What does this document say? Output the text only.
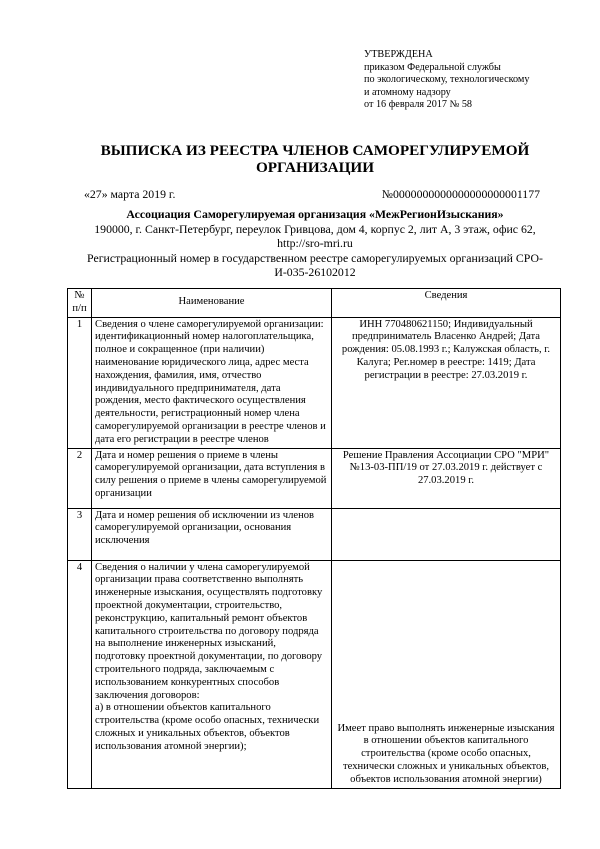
УТВЕРЖДЕНА
приказом Федеральной службы
по экологическому, технологическому
и атомному надзору
от 16 февраля 2017 № 58
ВЫПИСКА ИЗ РЕЕСТРА ЧЛЕНОВ САМОРЕГУЛИРУЕМОЙ ОРГАНИЗАЦИИ
«27» марта 2019 г.	№0000000000000000000001177
Ассоциация Саморегулируемая организация «МежРегионИзыскания»
190000, г. Санкт-Петербург, переулок Гривцова, дом 4, корпус 2, лит А, 3 этаж, офис 62, http://sro-mri.ru
Регистрационный номер в государственном реестре саморегулируемых организаций СРО-И-035-26102012
№ п/п	Наименование	Сведения
1	Сведения о члене саморегулируемой организации: идентификационный номер налогоплательщика, полное и сокращенное (при наличии) наименование юридического лица, адрес места нахождения, фамилия, имя, отчество индивидуального предпринимателя, дата рождения, место фактического осуществления деятельности, регистрационный номер члена саморегулируемой организации в реестре членов и дата его регистрации в реестре членов	ИНН 770480621150; Индивидуальный предприниматель Власенко Андрей; Дата рождения: 05.08.1993 г.; Калужская область, г. Калуга; Рег.номер в реестре: 1419; Дата регистрации в реестре: 27.03.2019 г.
2	Дата и номер решения о приеме в члены саморегулируемой организации, дата вступления в силу решения о приеме в члены саморегулируемой организации	Решение Правления Ассоциации СРО "МРИ" №13-03-ПП/19 от 27.03.2019 г. действует с 27.03.2019 г.
3	Дата и номер решения об исключении из членов саморегулируемой организации, основания исключения	
4	Сведения о наличии у члена саморегулируемой организации права соответственно выполнять инженерные изыскания, осуществлять подготовку проектной документации, строительство, реконструкцию, капитальный ремонт объектов капитального строительства по договору подряда на выполнение инженерных изысканий, подготовку проектной документации, по договору строительного подряда, заключаемым с использованием конкурентных способов заключения договоров:
а) в отношении объектов капитального строительства (кроме особо опасных, технически сложных и уникальных объектов, объектов использования атомной энергии);	Имеет право выполнять инженерные изыскания в отношении объектов капитального строительства (кроме особо опасных, технически сложных и уникальных объектов, объектов использования атомной энергии)
